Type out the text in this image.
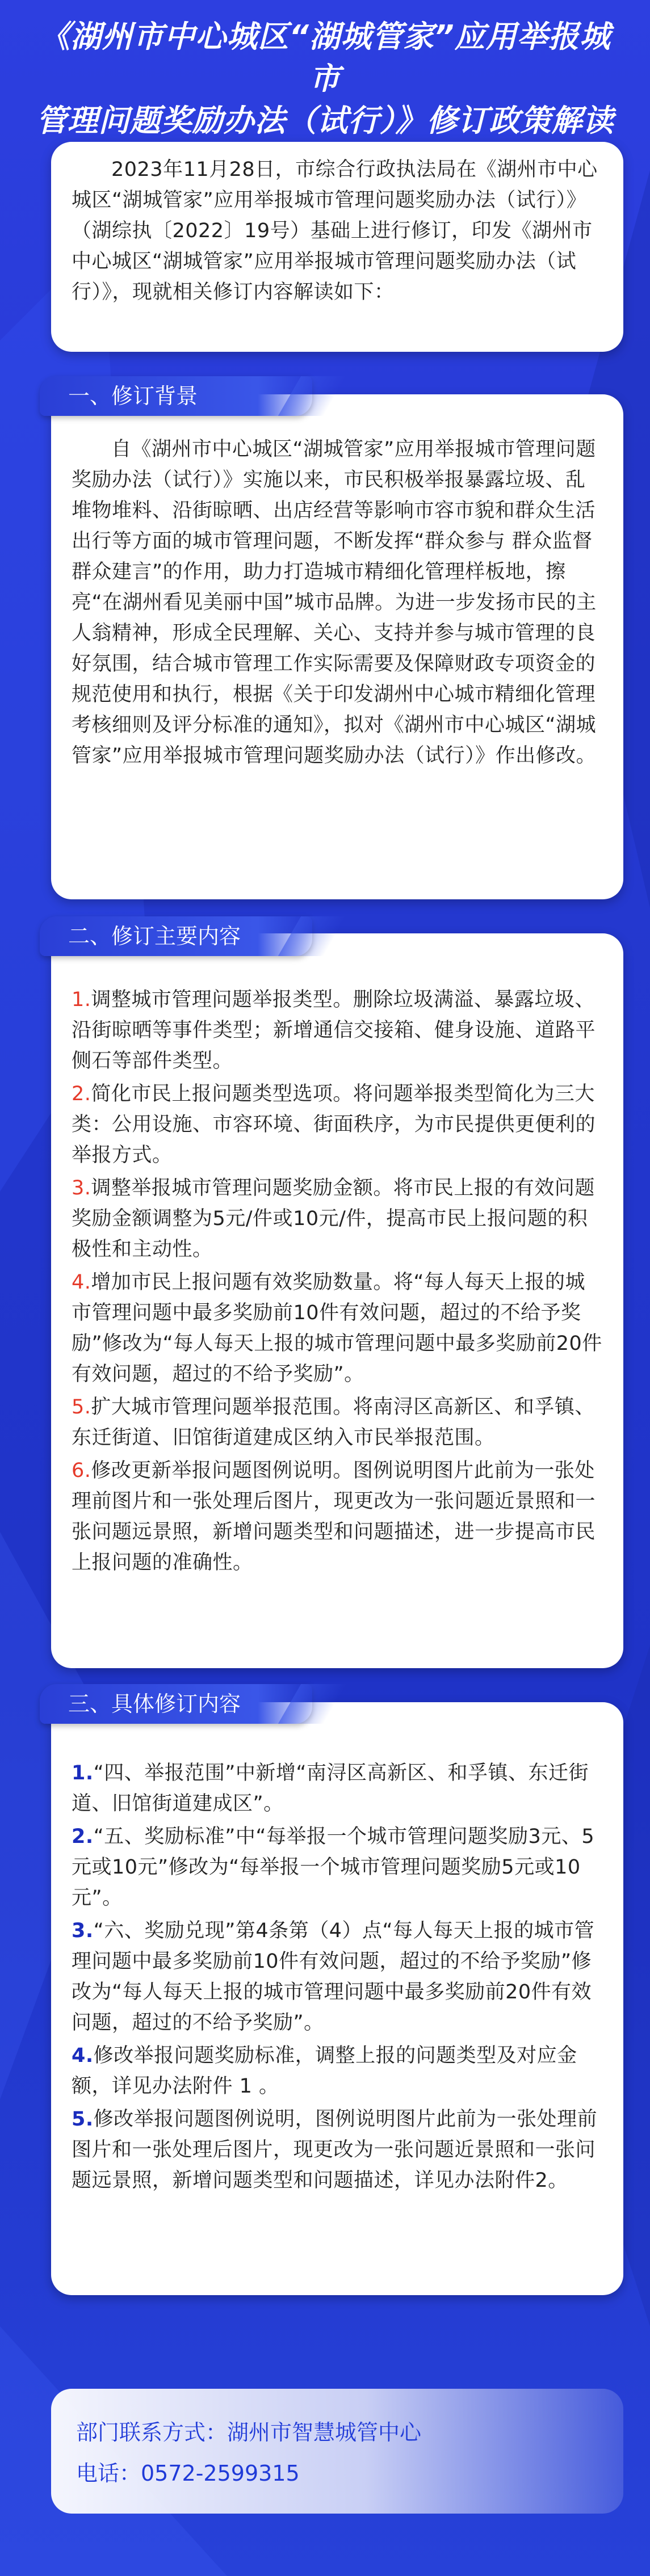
《湖州市中心城区“湖城管家”应用举报城市
管理问题奖励办法（试行）》修订政策解读

2023年11月28日，市综合行政执法局在《湖州市中心城区“湖城管家”应用举报城市管理问题奖励办法（试行）》（湖综执〔2022〕19号）基础上进行修订，印发《湖州市中心城区“湖城管家”应用举报城市管理问题奖励办法（试行）》，现就相关修订内容解读如下：

自《湖州市中心城区“湖城管家”应用举报城市管理问题奖励办法（试行）》实施以来，市民积极举报暴露垃圾、乱堆物堆料、沿街晾晒、出店经营等影响市容市貌和群众生活出行等方面的城市管理问题，不断发挥“群众参与 群众监督 群众建言”的作用，助力打造城市精细化管理样板地，擦亮“在湖州看见美丽中国”城市品牌。为进一步发扬市民的主人翁精神，形成全民理解、关心、支持并参与城市管理的良好氛围，结合城市管理工作实际需要及保障财政专项资金的规范使用和执行，根据《关于印发湖州中心城市精细化管理考核细则及评分标准的通知》，拟对《湖州市中心城区“湖城管家”应用举报城市管理问题奖励办法（试行）》作出修改。

一、修订背景

1.调整城市管理问题举报类型。删除垃圾满溢、暴露垃圾、沿街晾晒等事件类型；新增通信交接箱、健身设施、道路平侧石等部件类型。

2.简化市民上报问题类型选项。将问题举报类型简化为三大类：公用设施、市容环境、街面秩序，为市民提供更便利的举报方式。

3.调整举报城市管理问题奖励金额。将市民上报的有效问题奖励金额调整为5元/件或10元/件，提高市民上报问题的积极性和主动性。

4.增加市民上报问题有效奖励数量。将“每人每天上报的城市管理问题中最多奖励前10件有效问题，超过的不给予奖励”修改为“每人每天上报的城市管理问题中最多奖励前20件有效问题，超过的不给予奖励”。

5.扩大城市管理问题举报范围。将南浔区高新区、和孚镇、东迁街道、旧馆街道建成区纳入市民举报范围。

6.修改更新举报问题图例说明。图例说明图片此前为一张处理前图片和一张处理后图片，现更改为一张问题近景照和一张问题远景照，新增问题类型和问题描述，进一步提高市民上报问题的准确性。

二、修订主要内容

1.“四、举报范围”中新增“南浔区高新区、和孚镇、东迁街道、旧馆街道建成区”。

2.“五、奖励标准”中“每举报一个城市管理问题奖励3元、5元或10元”修改为“每举报一个城市管理问题奖励5元或10元”。

3.“六、奖励兑现”第4条第（4）点“每人每天上报的城市管理问题中最多奖励前10件有效问题，超过的不给予奖励”修改为“每人每天上报的城市管理问题中最多奖励前20件有效问题，超过的不给予奖励”。

4.修改举报问题奖励标准，调整上报的问题类型及对应金额，详见办法附件 1 。

5.修改举报问题图例说明，图例说明图片此前为一张处理前图片和一张处理后图片，现更改为一张问题近景照和一张问题远景照，新增问题类型和问题描述，详见办法附件2。

三、具体修订内容
部门联系方式：湖州市智慧城管中心
电话：0572-2599315
